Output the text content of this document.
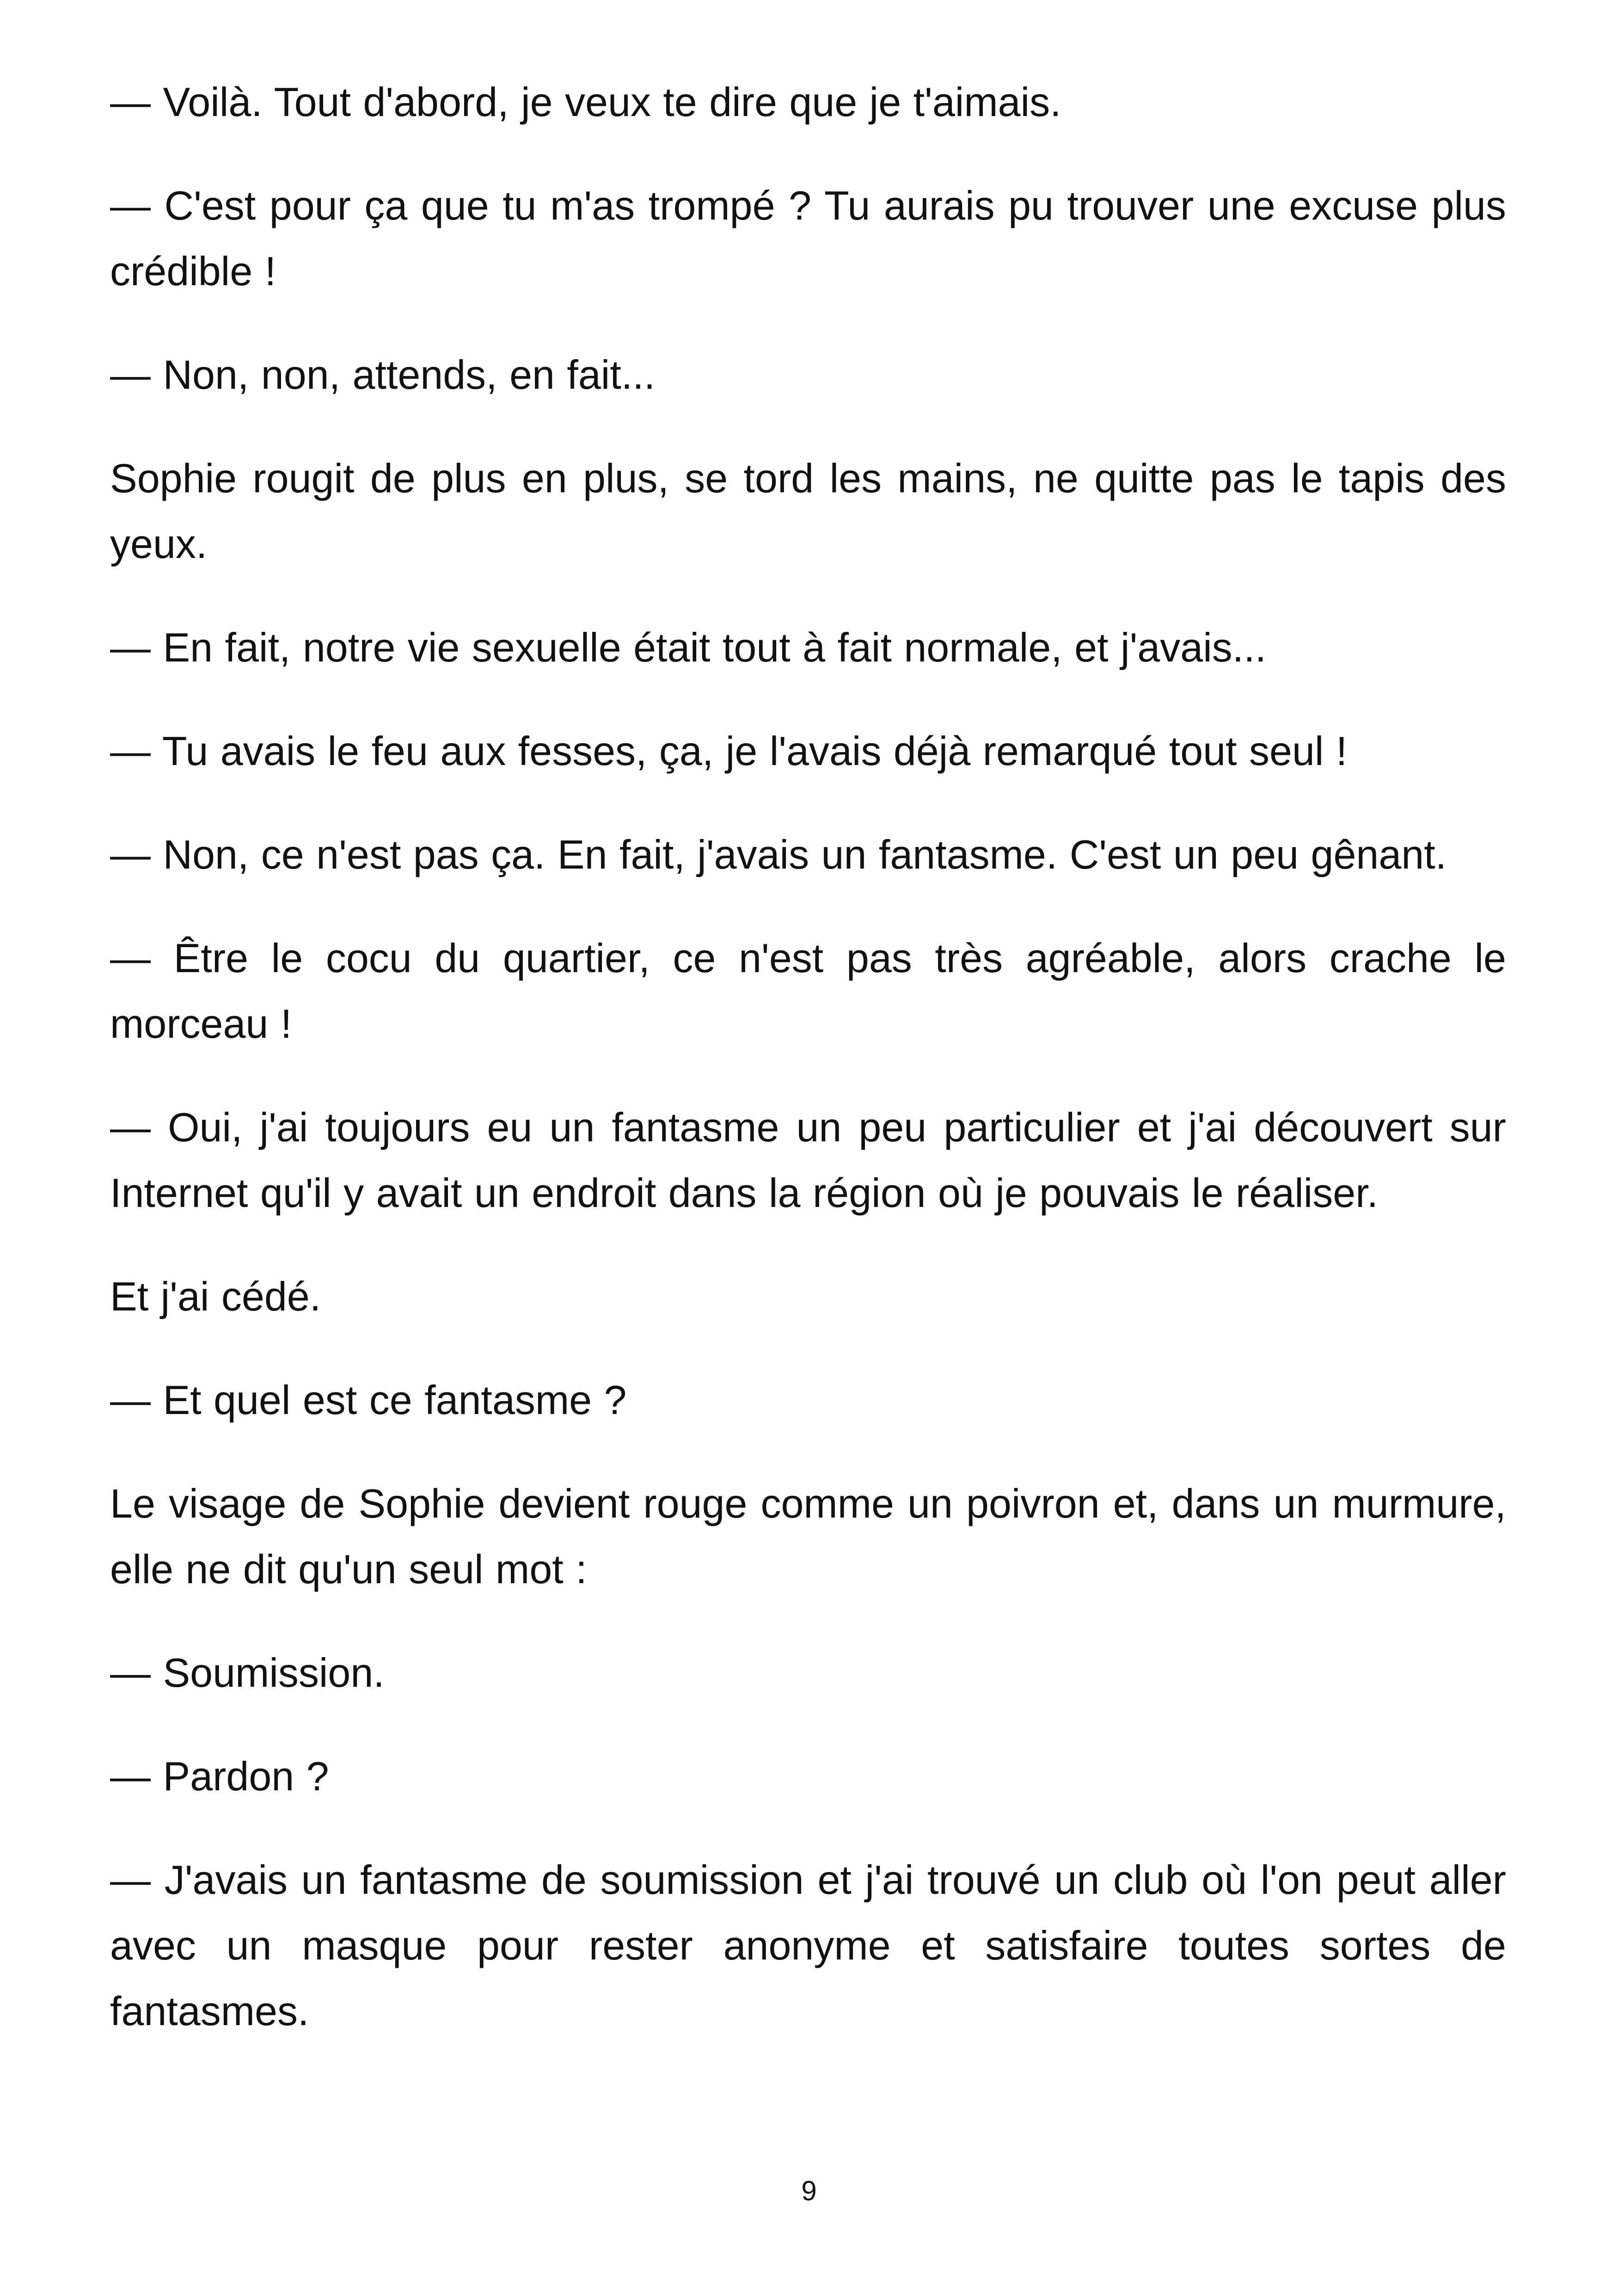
— Voilà. Tout d'abord, je veux te dire que je t'aimais.

— C'est pour ça que tu m'as trompé ? Tu aurais pu trouver une excuse plus crédible !

— Non, non, attends, en fait...

Sophie rougit de plus en plus, se tord les mains, ne quitte pas le tapis des yeux.

— En fait, notre vie sexuelle était tout à fait normale, et j'avais...

— Tu avais le feu aux fesses, ça, je l'avais déjà remarqué tout seul !

— Non, ce n'est pas ça. En fait, j'avais un fantasme. C'est un peu gênant.

— Être le cocu du quartier, ce n'est pas très agréable, alors crache le morceau !

— Oui, j'ai toujours eu un fantasme un peu particulier et j'ai découvert sur Internet qu'il y avait un endroit dans la région où je pouvais le réaliser.

Et j'ai cédé.

— Et quel est ce fantasme ?

Le visage de Sophie devient rouge comme un poivron et, dans un murmure, elle ne dit qu'un seul mot :

— Soumission.

— Pardon ?

— J'avais un fantasme de soumission et j'ai trouvé un club où l'on peut aller avec un masque pour rester anonyme et satisfaire toutes sortes de fantasmes.

9
